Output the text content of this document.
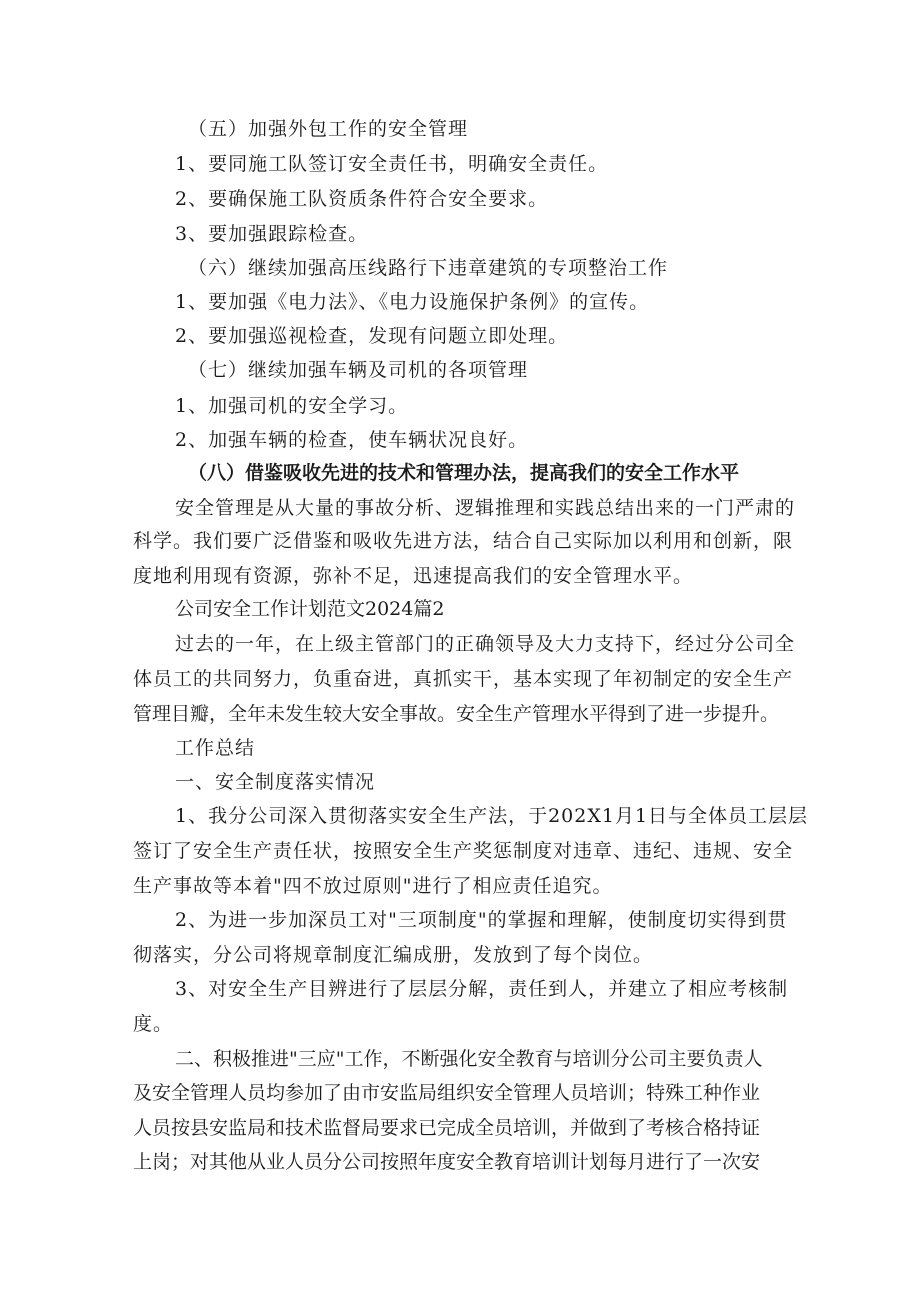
（五）加强外包工作的安全管理
1、要同施工队签订安全责任书，明确安全责任。
2、要确保施工队资质条件符合安全要求。
3、要加强跟踪检查。
（六）继续加强高压线路行下违章建筑的专项整治工作
1、要加强《电力法》、《电力设施保护条例》的宣传。
2、要加强巡视检查，发现有问题立即处理。
（七）继续加强车辆及司机的各项管理
1、加强司机的安全学习。
2、加强车辆的检查，使车辆状况良好。
（八）借鉴吸收先进的技术和管理办法，提高我们的安全工作水平
安全管理是从大量的事故分析、逻辑推理和实践总结出来的一门严肃的
科学。我们要广泛借鉴和吸收先进方法，结合自己实际加以利用和创新，限
度地利用现有资源，弥补不足，迅速提高我们的安全管理水平。
公司安全工作计划范文2024篇2
过去的一年，在上级主管部门的正确领导及大力支持下，经过分公司全
体员工的共同努力，负重奋进，真抓实干，基本实现了年初制定的安全生产
管理目瓣，全年未发生较大安全事故。安全生产管理水平得到了进一步提升。
工作总结
一、安全制度落实情况
1、我分公司深入贯彻落实安全生产法，于202X1月1日与全体员工层层
签订了安全生产责任状，按照安全生产奖惩制度对违章、违纪、违规、安全
生产事故等本着"四不放过原则"进行了相应责任追究。
2、为进一步加深员工对"三项制度"的掌握和理解，使制度切实得到贯
彻落实，分公司将规章制度汇编成册，发放到了每个岗位。
3、对安全生产目辨进行了层层分解，责任到人，并建立了相应考核制
度。
二、积极推进"三应"工作，不断强化安全教育与培训分公司主要负责人
及安全管理人员均参加了由市安监局组织安全管理人员培训；特殊工种作业
人员按县安监局和技术监督局要求已完成全员培训，并做到了考核合格持证
上岗；对其他从业人员分公司按照年度安全教育培训计划每月进行了一次安
